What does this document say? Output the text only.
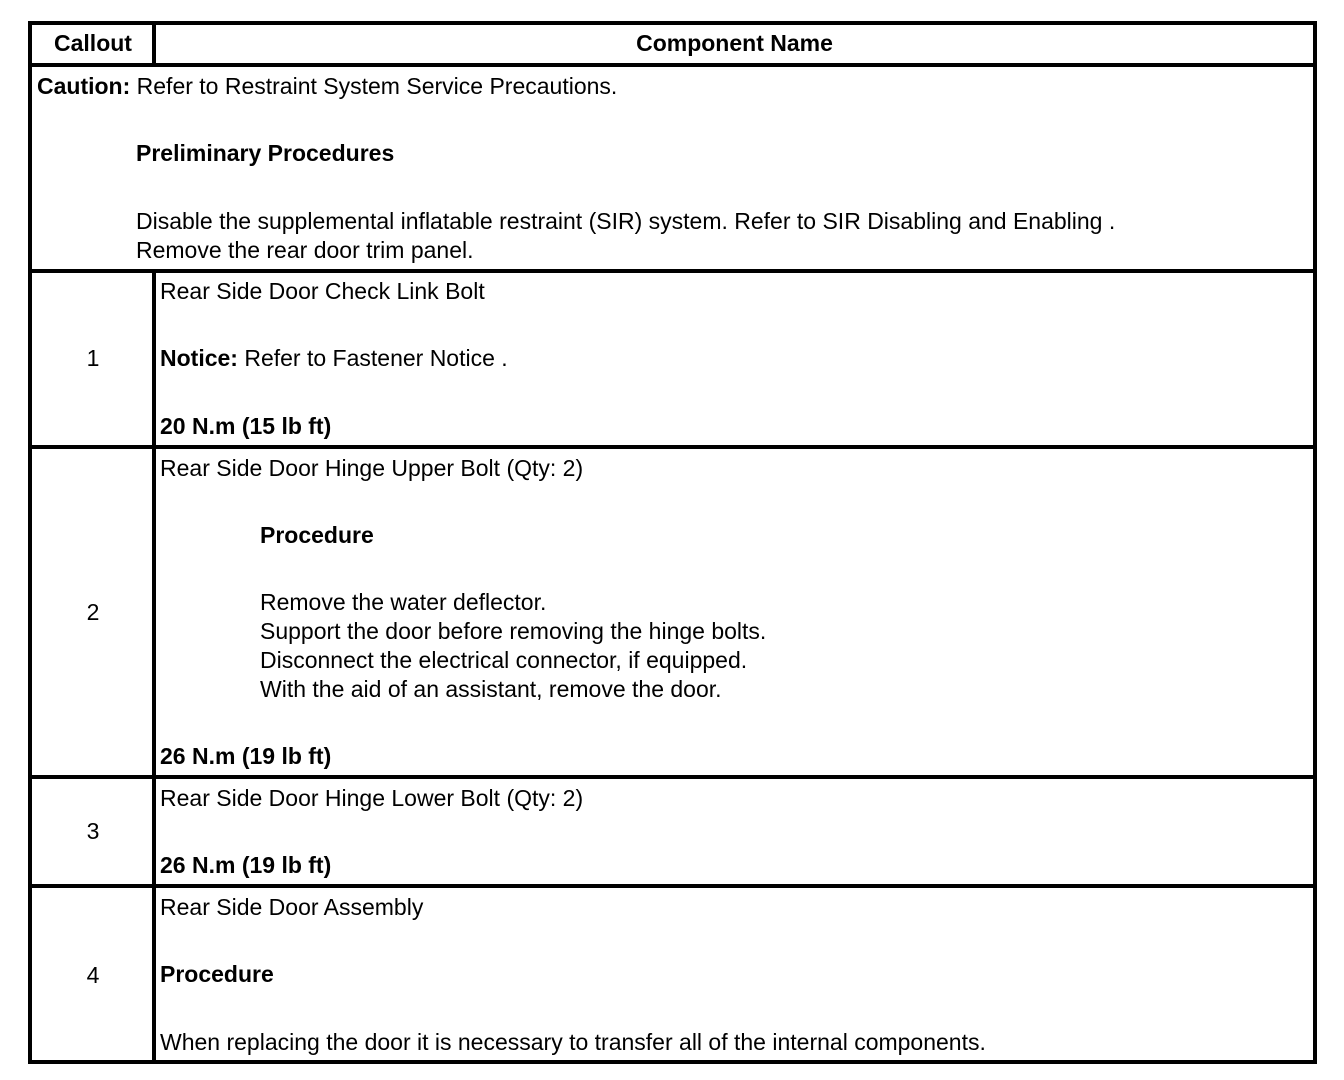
Callout	Component Name
Caution: Refer to Restraint System Service Precautions.
Preliminary Procedures
Disable the supplemental inflatable restraint (SIR) system. Refer to SIR Disabling and Enabling .
Remove the rear door trim panel.
1
Rear Side Door Check Link Bolt
Notice: Refer to Fastener Notice .
20 N.m (15 lb ft)
2
Rear Side Door Hinge Upper Bolt (Qty: 2)
Procedure
Remove the water deflector.
Support the door before removing the hinge bolts.
Disconnect the electrical connector, if equipped.
With the aid of an assistant, remove the door.
26 N.m (19 lb ft)
3
Rear Side Door Hinge Lower Bolt (Qty: 2)
26 N.m (19 lb ft)
4
Rear Side Door Assembly
Procedure
When replacing the door it is necessary to transfer all of the internal components.
